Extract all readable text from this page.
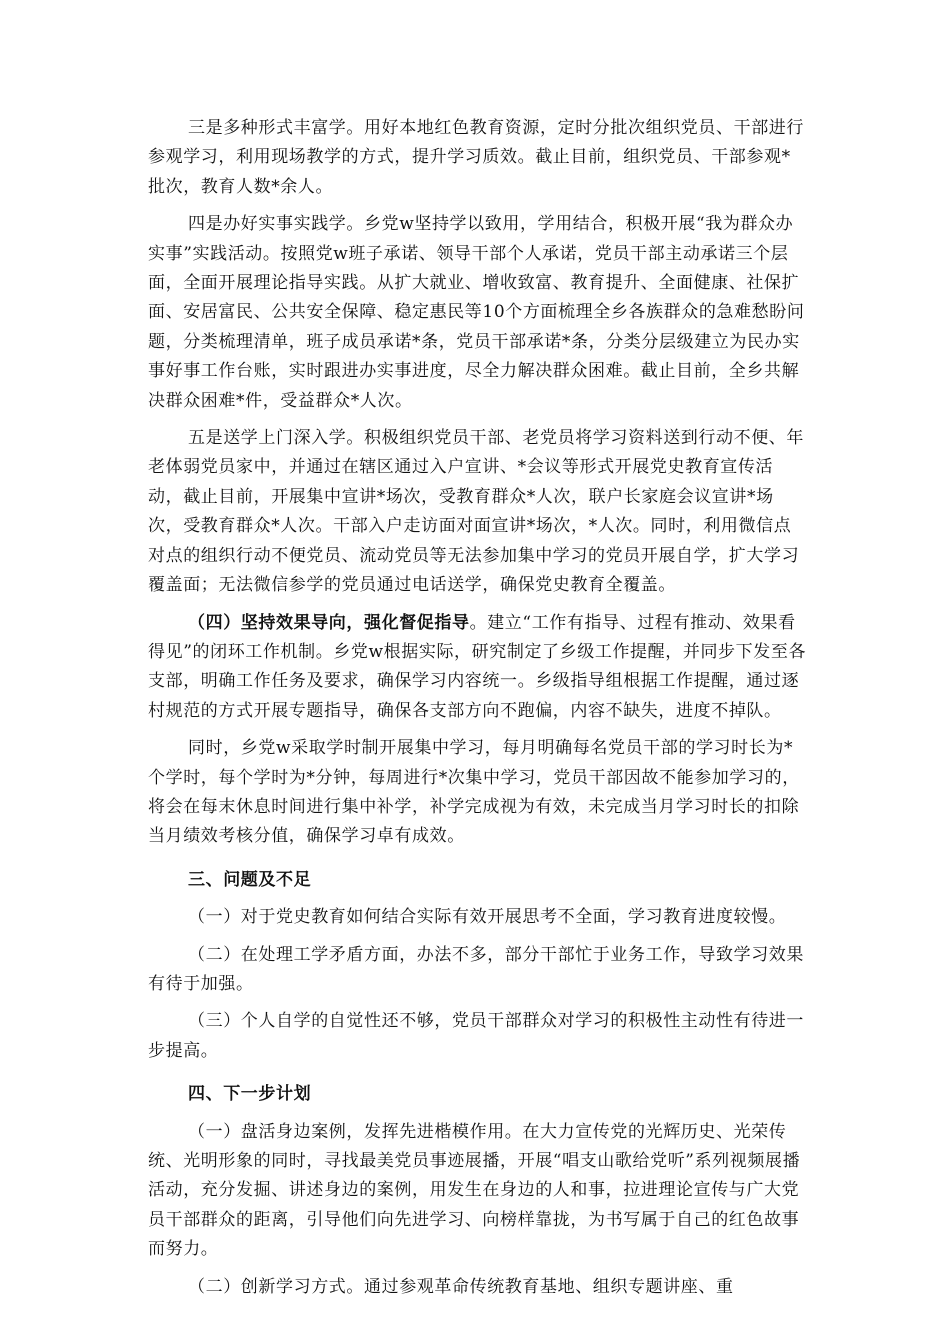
三是多种形式丰富学。用好本地红色教育资源，定时分批次组织党员、干部进行参观学习，利用现场教学的方式，提升学习质效。截止目前，组织党员、干部参观*批次，教育人数*余人。

四是办好实事实践学。乡党w坚持学以致用，学用结合，积极开展“我为群众办实事”实践活动。按照党w班子承诺、领导干部个人承诺，党员干部主动承诺三个层面，全面开展理论指导实践。从扩大就业、增收致富、教育提升、全面健康、社保扩面、安居富民、公共安全保障、稳定惠民等10个方面梳理全乡各族群众的急难愁盼问题，分类梳理清单，班子成员承诺*条，党员干部承诺*条，分类分层级建立为民办实事好事工作台账，实时跟进办实事进度，尽全力解决群众困难。截止目前，全乡共解决群众困难*件，受益群众*人次。

五是送学上门深入学。积极组织党员干部、老党员将学习资料送到行动不便、年老体弱党员家中，并通过在辖区通过入户宣讲、*会议等形式开展党史教育宣传活动，截止目前，开展集中宣讲*场次，受教育群众*人次，联户长家庭会议宣讲*场次，受教育群众*人次。干部入户走访面对面宣讲*场次，*人次。同时，利用微信点对点的组织行动不便党员、流动党员等无法参加集中学习的党员开展自学，扩大学习覆盖面；无法微信参学的党员通过电话送学，确保党史教育全覆盖。

（四）坚持效果导向，强化督促指导。建立“工作有指导、过程有推动、效果看得见”的闭环工作机制。乡党w根据实际，研究制定了乡级工作提醒，并同步下发至各支部，明确工作任务及要求，确保学习内容统一。乡级指导组根据工作提醒，通过逐村规范的方式开展专题指导，确保各支部方向不跑偏，内容不缺失，进度不掉队。

同时，乡党w采取学时制开展集中学习，每月明确每名党员干部的学习时长为*个学时，每个学时为*分钟，每周进行*次集中学习，党员干部因故不能参加学习的，将会在每末休息时间进行集中补学，补学完成视为有效，未完成当月学习时长的扣除当月绩效考核分值，确保学习卓有成效。

三、问题及不足

（一）对于党史教育如何结合实际有效开展思考不全面，学习教育进度较慢。

（二）在处理工学矛盾方面，办法不多，部分干部忙于业务工作，导致学习效果有待于加强。

（三）个人自学的自觉性还不够，党员干部群众对学习的积极性主动性有待进一步提高。

四、下一步计划

（一）盘活身边案例，发挥先进楷模作用。在大力宣传党的光辉历史、光荣传统、光明形象的同时，寻找最美党员事迹展播，开展“唱支山歌给党听”系列视频展播活动，充分发掘、讲述身边的案例，用发生在身边的人和事，拉进理论宣传与广大党员干部群众的距离，引导他们向先进学习、向榜样靠拢，为书写属于自己的红色故事而努力。

（二）创新学习方式。通过参观革命传统教育基地、组织专题讲座、重
